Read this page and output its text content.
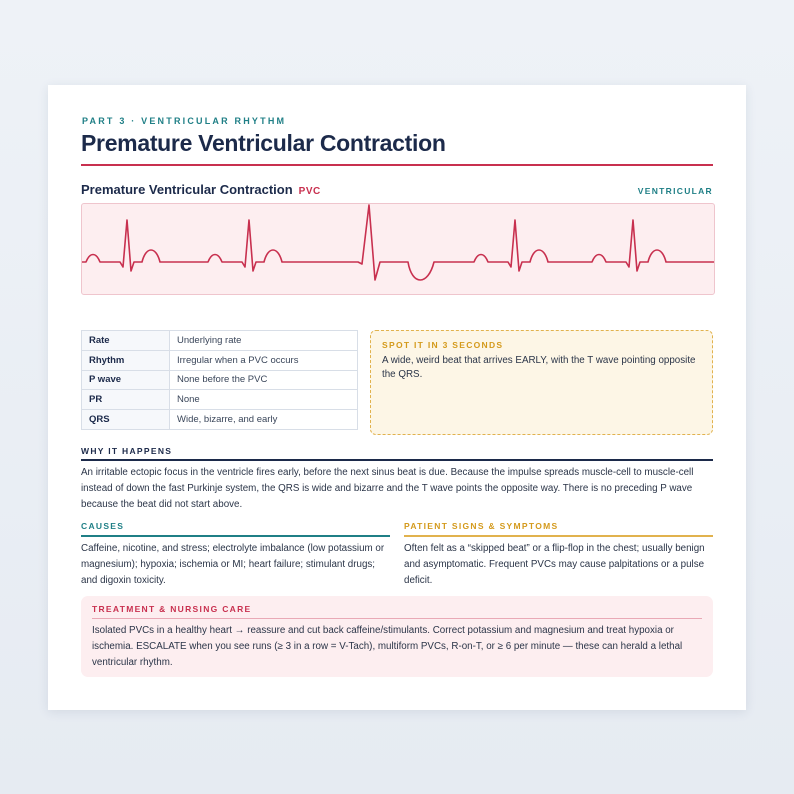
PART 3 · VENTRICULAR RHYTHM
Premature Ventricular Contraction
Premature Ventricular Contraction PVC	VENTRICULAR
Rate	Underlying rate
Rhythm	Irregular when a PVC occurs
P wave	None before the PVC
PR	None
QRS	Wide, bizarre, and early
SPOT IT IN 3 SECONDS
A wide, weird beat that arrives EARLY, with the T wave pointing opposite the QRS.
WHY IT HAPPENS
An irritable ectopic focus in the ventricle fires early, before the next sinus beat is due. Because the impulse spreads muscle-cell to muscle-cell instead of down the fast Purkinje system, the QRS is wide and bizarre and the T wave points the opposite way. There is no preceding P wave because the beat did not start above.
CAUSES
Caffeine, nicotine, and stress; electrolyte imbalance (low potassium or magnesium); hypoxia; ischemia or MI; heart failure; stimulant drugs; and digoxin toxicity.
PATIENT SIGNS & SYMPTOMS
Often felt as a “skipped beat” or a flip-flop in the chest; usually benign and asymptomatic. Frequent PVCs may cause palpitations or a pulse deficit.
TREATMENT & NURSING CARE
Isolated PVCs in a healthy heart → reassure and cut back caffeine/stimulants. Correct potassium and magnesium and treat hypoxia or ischemia. ESCALATE when you see runs (≥ 3 in a row = V-Tach), multiform PVCs, R-on-T, or ≥ 6 per minute — these can herald a lethal ventricular rhythm.
